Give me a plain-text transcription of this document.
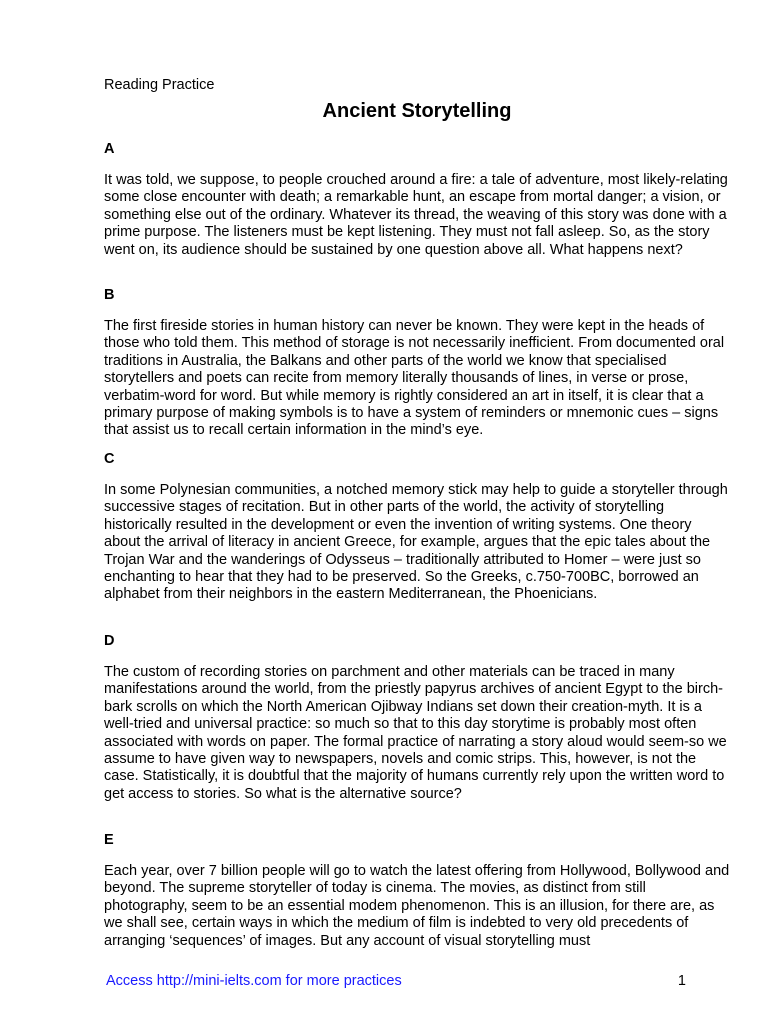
Reading Practice

Ancient Storytelling

A

It was told, we suppose, to people crouched around a fire: a tale of adventure, most likely-relating some close encounter with death; a remarkable hunt, an escape from mortal danger; a vision, or something else out of the ordinary. Whatever its thread, the weaving of this story was done with a prime purpose. The listeners must be kept listening. They must not fall asleep. So, as the story went on, its audience should be sustained by one question above all. What happens next?

B

The first fireside stories in human history can never be known. They were kept in the heads of those who told them. This method of storage is not necessarily inefficient. From documented oral traditions in Australia, the Balkans and other parts of the world we know that specialised storytellers and poets can recite from memory literally thousands of lines, in verse or prose, verbatim-word for word. But while memory is rightly considered an art in itself, it is clear that a primary purpose of making symbols is to have a system of reminders or mnemonic cues – signs that assist us to recall certain information in the mind’s eye.

C

In some Polynesian communities, a notched memory stick may help to guide a storyteller through successive stages of recitation. But in other parts of the world, the activity of storytelling historically resulted in the development or even the invention of writing systems. One theory about the arrival of literacy in ancient Greece, for example, argues that the epic tales about the Trojan War and the wanderings of Odysseus – traditionally attributed to Homer – were just so enchanting to hear that they had to be preserved. So the Greeks, c.750-700BC, borrowed an alphabet from their neighbors in the eastern Mediterranean, the Phoenicians.

D

The custom of recording stories on parchment and other materials can be traced in many manifestations around the world, from the priestly papyrus archives of ancient Egypt to the birch-bark scrolls on which the North American Ojibway Indians set down their creation-myth. It is a well-tried and universal practice: so much so that to this day storytime is probably most often associated with words on paper. The formal practice of narrating a story aloud would seem-so we assume to have given way to newspapers, novels and comic strips. This, however, is not the case. Statistically, it is doubtful that the majority of humans currently rely upon the written word to get access to stories. So what is the alternative source?

E

Each year, over 7 billion people will go to watch the latest offering from Hollywood, Bollywood and beyond. The supreme storyteller of today is cinema. The movies, as distinct from still photography, seem to be an essential modem phenomenon. This is an illusion, for there are, as we shall see, certain ways in which the medium of film is indebted to very old precedents of arranging ‘sequences’ of images. But any account of visual storytelling must

Access http://mini-ielts.com for more practices	1
